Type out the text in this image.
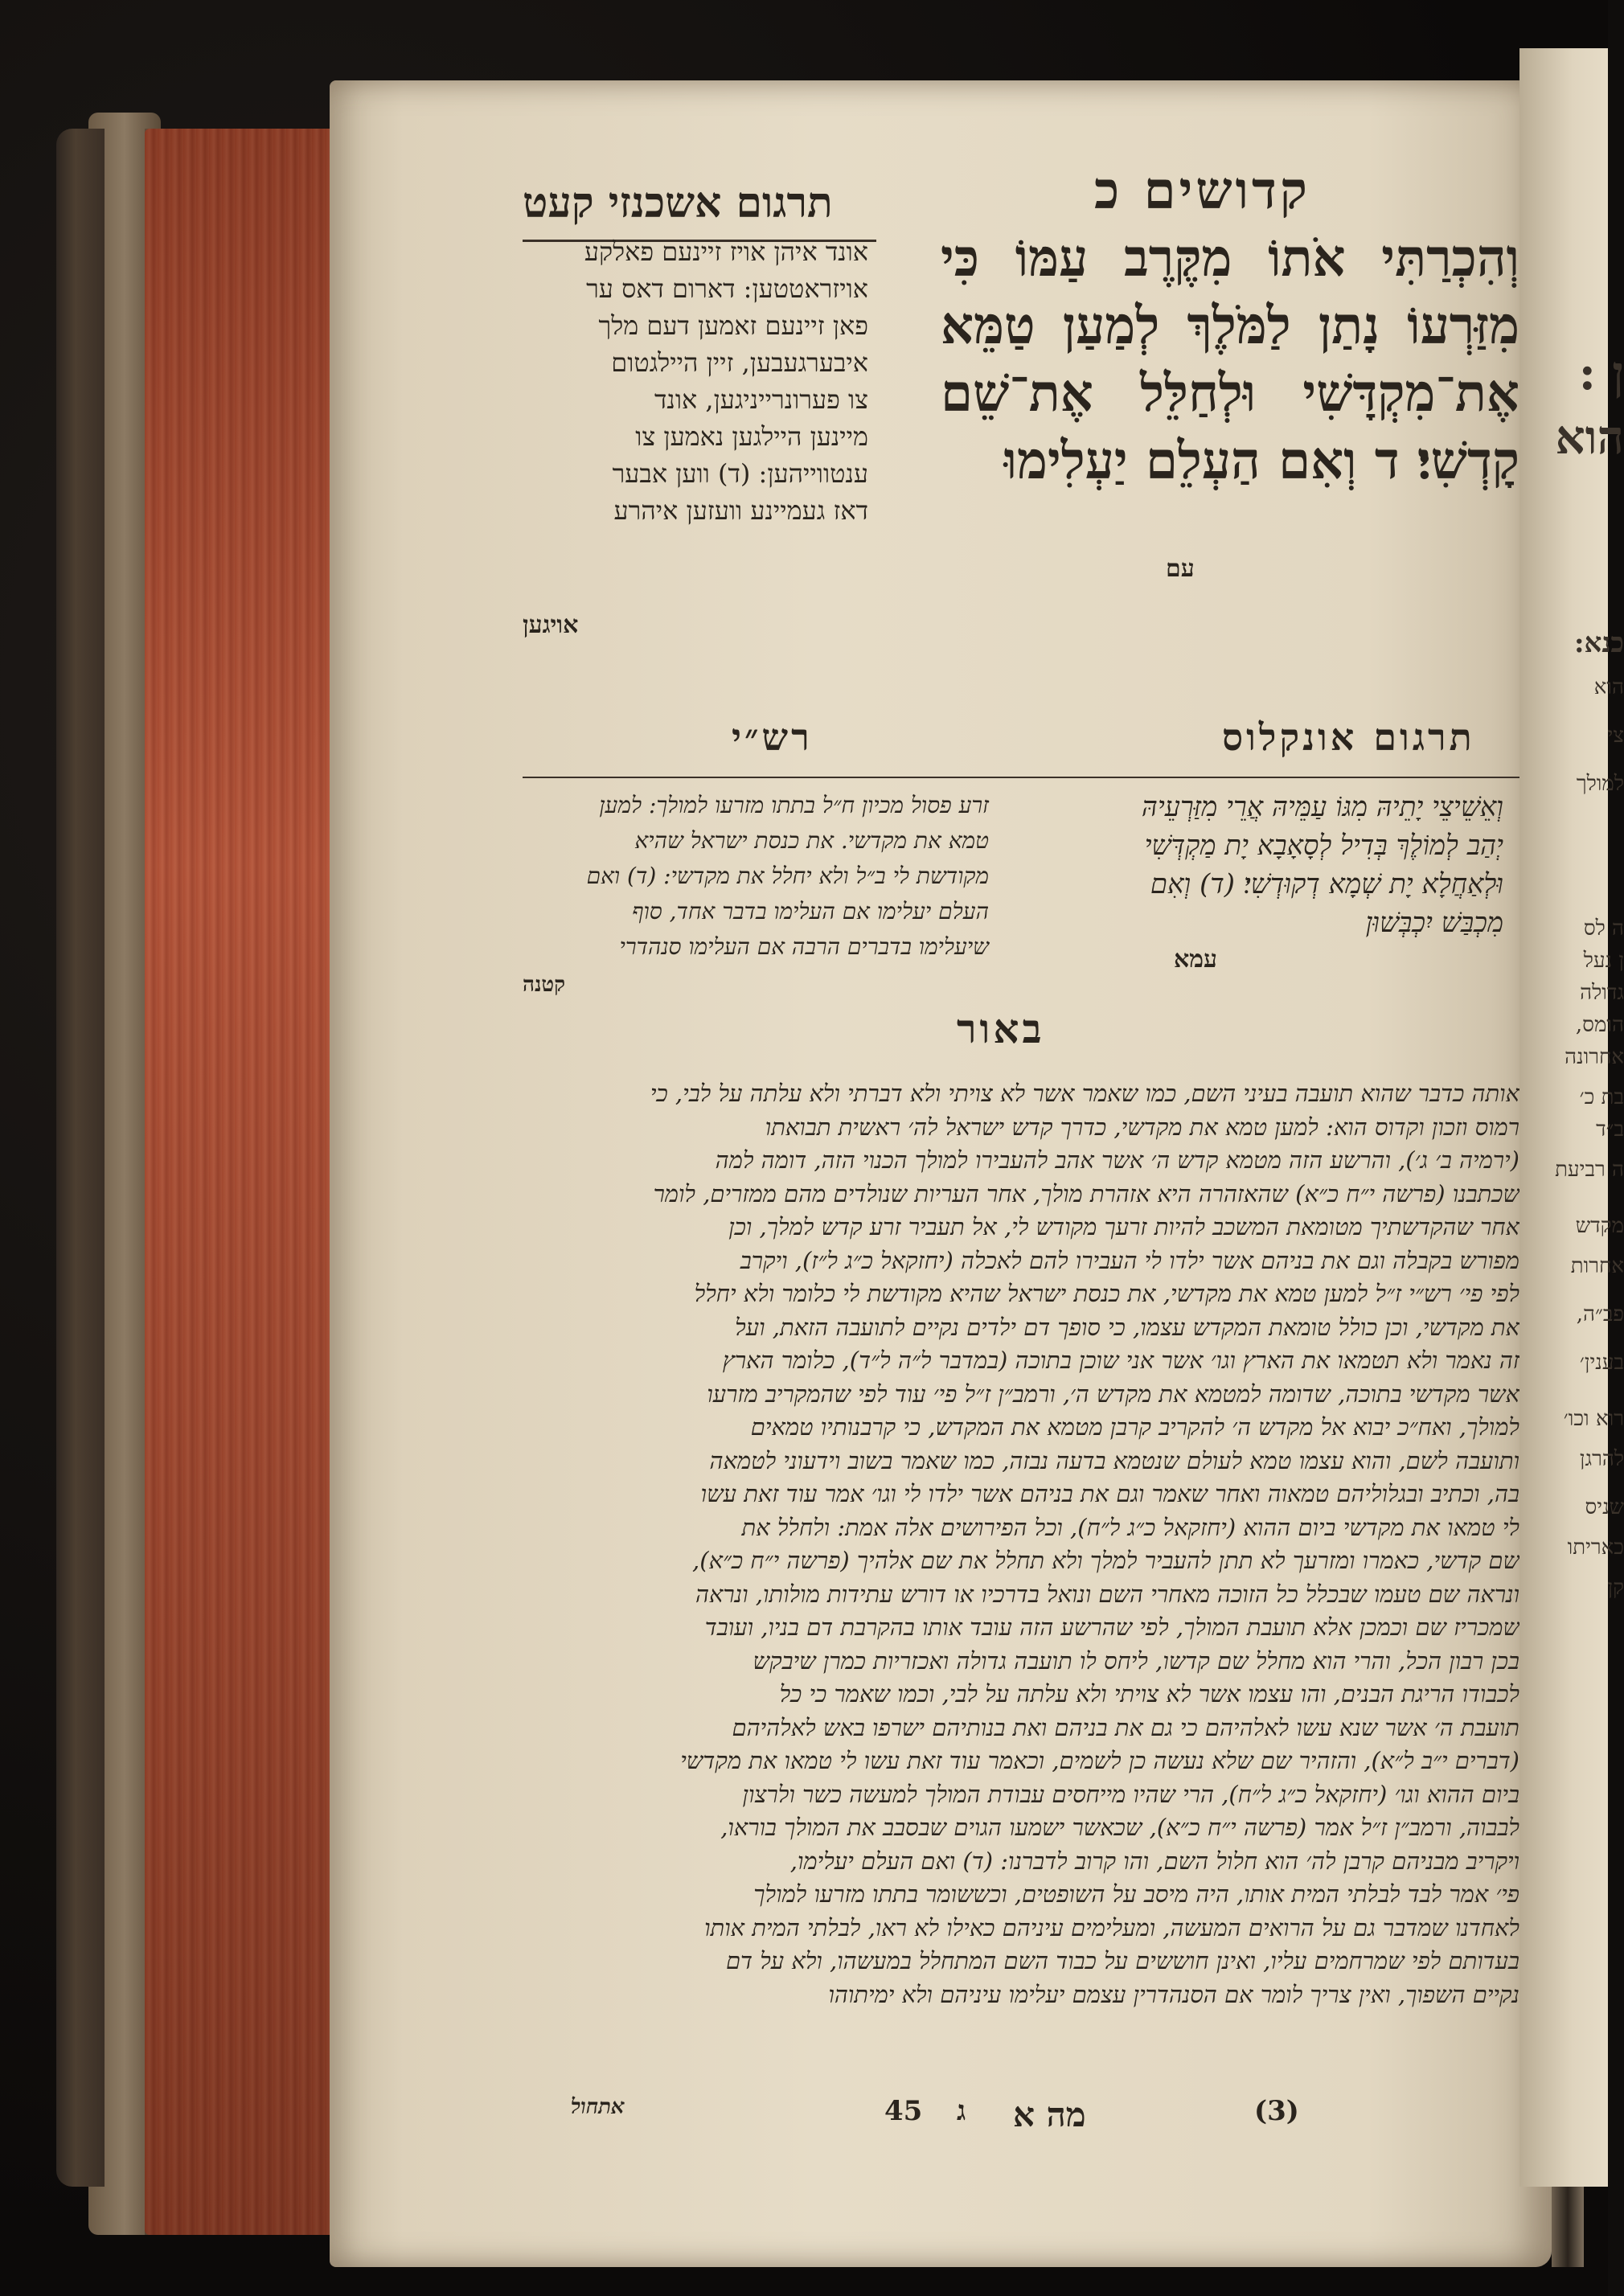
קדושים כ
תרגום אשכנזי קעט
וְהִכְרַתִּי אֹתוֹ מִקֶּרֶב עַמּוֹ כִּי מִזַּרְעוֹ נָתַן לַמֹּלֶךְ לְמַעַן טַמֵּא אֶת־מִקְדָּשִׁי וּלְחַלֵּל אֶת־שֵׁם קָדְשִׁי׃ ד וְאִם הַעְלֵם יַעְלִימוּ
עם
אונד איהן אויז זיינעם פאלקע
אויזראטטען: דארום דאס ער
פאן זיינעם זאמען דעם מלך
איבערגעבען, זיין היילגטום
צו פערונרייניגען, אונד
מיינען היילגען נאמען צו
ענטווייהען: (ד) ווען אבער
דאז געמיינע וועזען איהרע
אויגען
תרגום אונקלוס
רש״י
וְאֵשֵׁיצֵי יָתֵיהּ מִגּוֹ עַמֵּיהּ אֲרֵי מִזַּרְעֵיהּ
יְהַב לְמוֹלֶךְ בְּדִיל לְסָאָבָא יָת מַקְדְּשִׁי
וּלְאַחֲלָא יָת שְׁמָא דְקוּדְשִׁי׃ (ד) וְאִם
מִכְבַּשׁ יִכְבְּשׁוּן
עמא
זרע פסול מכיון ח״ל בתתו מזרעו למולך: למען
טמא את מקדשי. את כנסת ישראל שהיא
מקודשת לי ב״ל ולא יחלל את מקדשי: (ד) ואם
העלם יעלימו אם העלימו בדבר אחד, סוף
שיעלימו בדברים הרבה אם העלימו סנהדרי
קטנה
באור

אותה כדבר שהוא תועבה בעיני השם, כמו שאמר אשר לא צויתי ולא דברתי ולא עלתה על לבי, כי

רמוס וזכון וקדוס הוא: למען טמא את מקדשי, כדרך קדש ישראל לה׳ ראשית תבואתו

(ירמיה ב׳ ג׳), והרשע הזה מטמא קדש ה׳ אשר אהב להעבירו למולך הכנוי הזה, דומה למה

שכתבנו (פרשה י״ח כ״א) שהאזהרה היא אזהרת מולך, אחר העריות שנולדים מהם ממזרים, לומר

אחר שהקדשתיך מטומאת המשכב להיות זרעך מקודש לי, אל תעביר זרע קדש למלך, וכן

מפורש בקבלה וגם את בניהם אשר ילדו לי העבירו להם לאכלה (יחזקאל כ״ג ל״ז), ויקרב

לפי פי׳ רש״י ז״ל למען טמא את מקדשי, את כנסת ישראל שהיא מקודשת לי כלומר ולא יחלל

את מקדשי, וכן כולל טומאת המקדש עצמו, כי סופך דם ילדים נקיים לתועבה הזאת, ועל

זה נאמר ולא תטמאו את הארץ וגו׳ אשר אני שוכן בתוכה (במדבר ל״ה ל״ד), כלומר הארץ

אשר מקדשי בתוכה, שדומה למטמא את מקדש ה׳, ורמב״ן ז״ל פי׳ עוד לפי שהמקריב מזרעו

למולך, ואח״כ יבוא אל מקדש ה׳ להקריב קרבן מטמא את המקדש, כי קרבנותיו טמאים

ותועבה לשם, והוא עצמו טמא לעולם שנטמא בדעה נבזה, כמו שאמר בשוב וידעוני לטמאה

בה, וכתיב ובגלוליהם טמאוה ואחר שאמר וגם את בניהם אשר ילדו לי וגו׳ אמר עוד זאת עשו

לי טמאו את מקדשי ביום ההוא (יחזקאל כ״ג ל״ח), וכל הפירושים אלה אמת: ולחלל את

שם קדשי, כאמרו ומזרעך לא תתן להעביר למלך ולא תחלל את שם אלהיך (פרשה י״ח כ״א),

ונראה שם טעמו שבכלל כל הזוכה מאחרי השם ונואל בדרכיו או דורש עתידות מולותו, ונראה

שמכריז שם וכמכן אלא תועבת המולך, לפי שהרשע הזה עובד אותו בהקרבת דם בניו, ועובד

בכן רבון הכל, והרי הוא מחלל שם קדשו, ליחס לו תועבה גדולה ואכזריות כמרן שיבקש

לכבודו הריגת הבנים, והו עצמו אשר לא צויתי ולא עלתה על לבי, וכמו שאמר כי כל

תועבת ה׳ אשר שנא עשו לאלהיהם כי גם את בניהם ואת בנותיהם ישרפו באש לאלהיהם

(דברים י״ב ל״א), והזהיר שם שלא נעשה כן לשמים, וכאמר עוד זאת עשו לי טמאו את מקדשי

ביום ההוא וגו׳ (יחזקאל כ״ג ל״ח), הרי שהיו מייחסים עבודת המולך למעשה כשר ולרצון

לבבוה, ורמב״ן ז״ל אמר (פרשה י״ח כ״א), שכאשר ישמעו הגוים שבסבב את המולך בוראו,

ויקריב מבניהם קרבן לה׳ הוא חלול השם, והו קרוב לדברנו: (ד) ואם העלם יעלימו,

פי׳ אמר לבד לבלתי המית אותו, היה מיסב על השופטים, וכששומר בתתו מזרעו למולך

לאחדנו שמדבר גם על הרואים המעשה, ומעלימים עיניהם כאילו לא ראו, לבלתי המית אותו

בעדותם לפי שמרחמים עליו, ואינן חוששים על כבוד השם המתחלל במעשהו, ולא על דם

נקיים השפוך, ואין צריך לומר אם הסנהדרין עצמם יעלימו עיניהם ולא ימיתוהו

אתחול	45 ג מה א	(3)
ן :
הוא
כנא:
הוא
צי
למולך
ה לס
ן נעל
גדולה
הומס,
אחרונה
בת כ׳
ב״ד
ה רביעת
מקדש
אחרות
פב״ה,
בענין׳
רוא וכו׳
להרגן
שניס
כאריתו
קן
